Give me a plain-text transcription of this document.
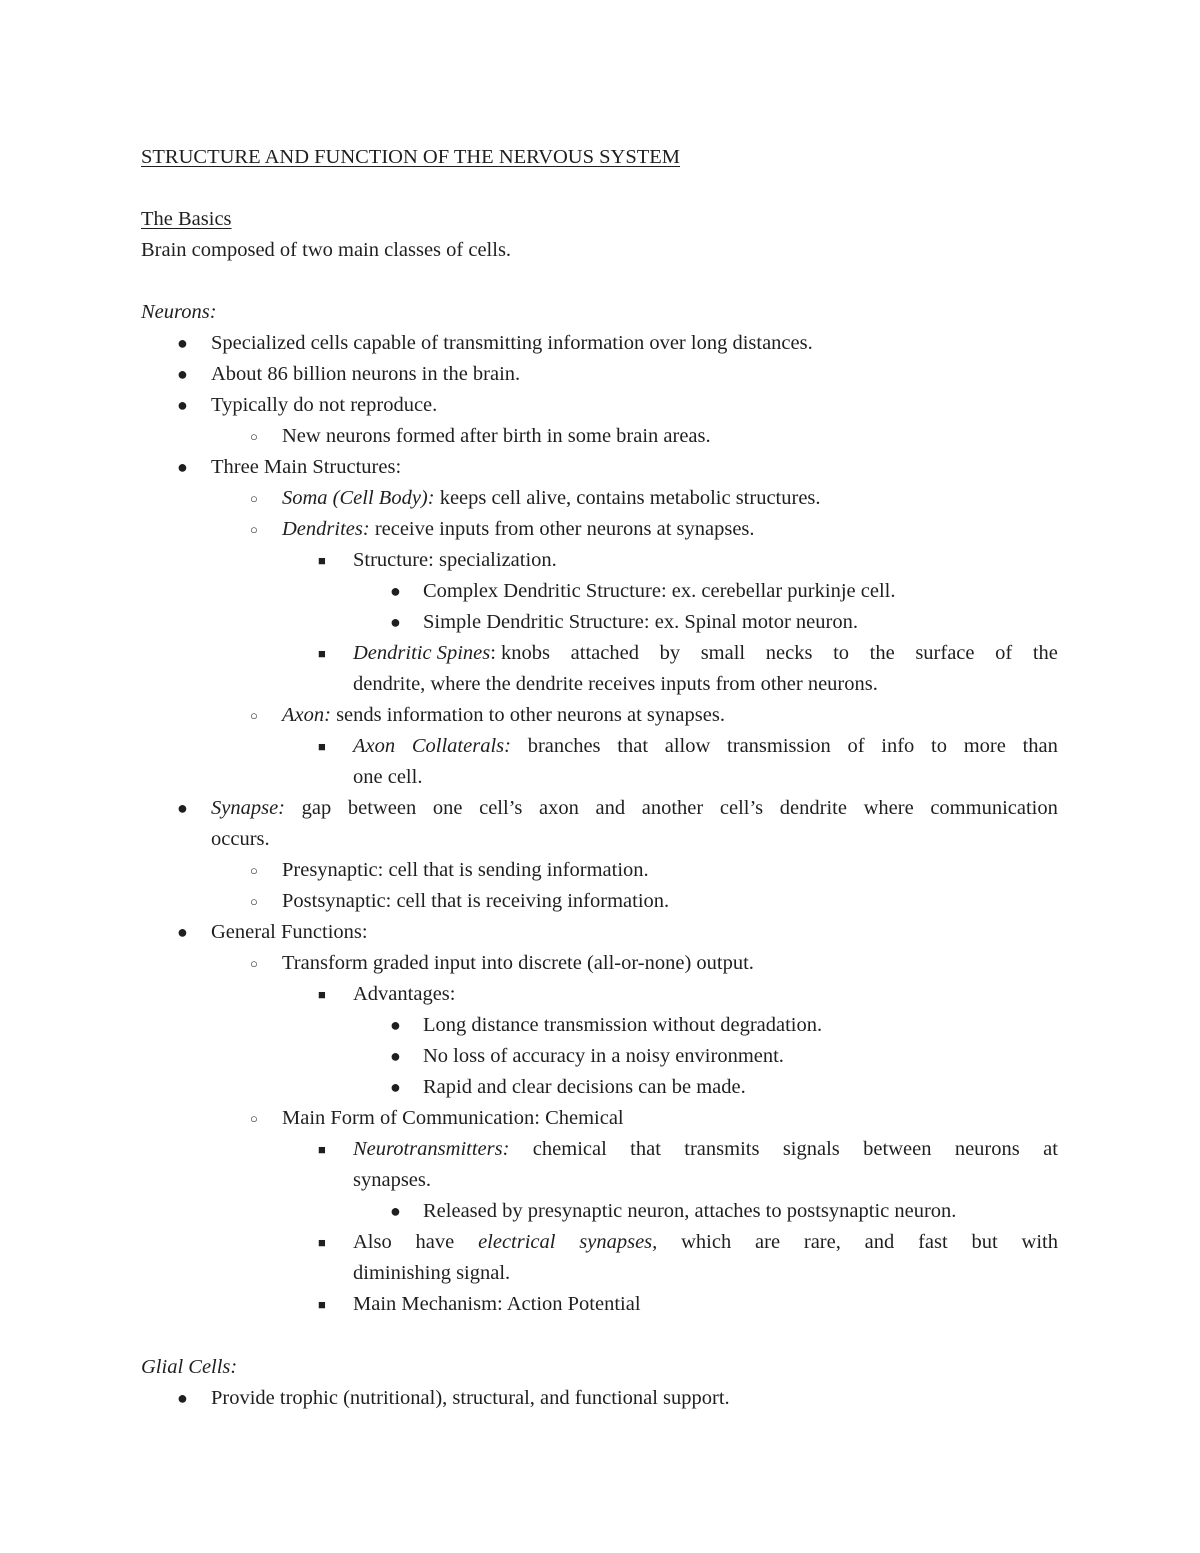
STRUCTURE AND FUNCTION OF THE NERVOUS SYSTEM
The Basics
Brain composed of two main classes of cells.
Neurons:
● Specialized cells capable of transmitting information over long distances.
● About 86 billion neurons in the brain.
● Typically do not reproduce.
○ New neurons formed after birth in some brain areas.
● Three Main Structures:
○ Soma (Cell Body): keeps cell alive, contains metabolic structures.
○ Dendrites: receive inputs from other neurons at synapses.
■ Structure: specialization.
● Complex Dendritic Structure: ex. cerebellar purkinje cell.
● Simple Dendritic Structure: ex. Spinal motor neuron.
■ Dendritic Spines: knobs attached by small necks to the surface of the
dendrite, where the dendrite receives inputs from other neurons.
○ Axon: sends information to other neurons at synapses.
■ Axon Collaterals: branches that allow transmission of info to more than
one cell.
● Synapse: gap between one cell’s axon and another cell’s dendrite where communication
occurs.
○ Presynaptic: cell that is sending information.
○ Postsynaptic: cell that is receiving information.
● General Functions:
○ Transform graded input into discrete (all-or-none) output.
■ Advantages:
● Long distance transmission without degradation.
● No loss of accuracy in a noisy environment.
● Rapid and clear decisions can be made.
○ Main Form of Communication: Chemical
■ Neurotransmitters: chemical that transmits signals between neurons at
synapses.
● Released by presynaptic neuron, attaches to postsynaptic neuron.
■ Also have electrical synapses, which are rare, and fast but with
diminishing signal.
■ Main Mechanism: Action Potential
Glial Cells:
● Provide trophic (nutritional), structural, and functional support.
